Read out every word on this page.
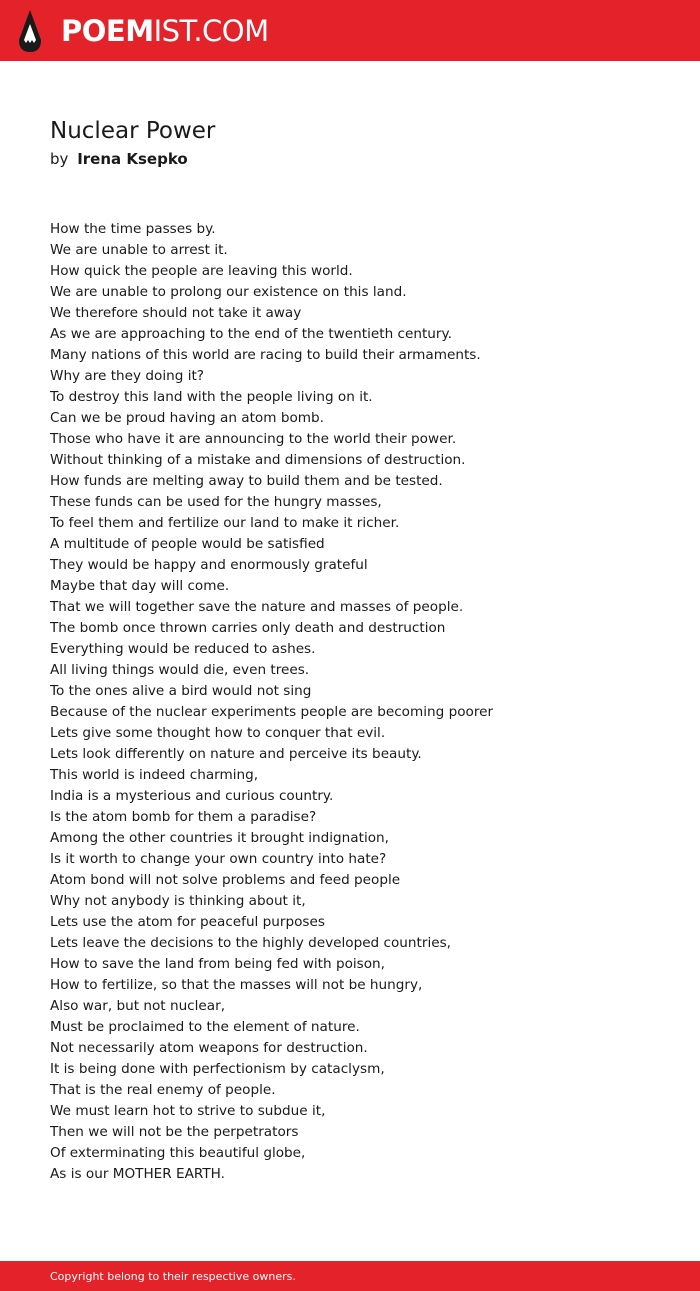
POEMIST.COM
Nuclear Power
by Irena Ksepko
How the time passes by.
We are unable to arrest it.
How quick the people are leaving this world.
We are unable to prolong our existence on this land.
We therefore should not take it away
As we are approaching to the end of the twentieth century.
Many nations of this world are racing to build their armaments.
Why are they doing it?
To destroy this land with the people living on it.
Can we be proud having an atom bomb.
Those who have it are announcing to the world their power.
Without thinking of a mistake and dimensions of destruction.
How funds are melting away to build them and be tested.
These funds can be used for the hungry masses,
To feel them and fertilize our land to make it richer.
A multitude of people would be satisfied
They would be happy and enormously grateful
Maybe that day will come.
That we will together save the nature and masses of people.
The bomb once thrown carries only death and destruction
Everything would be reduced to ashes.
All living things would die, even trees.
To the ones alive a bird would not sing
Because of the nuclear experiments people are becoming poorer
Lets give some thought how to conquer that evil.
Lets look differently on nature and perceive its beauty.
This world is indeed charming,
India is a mysterious and curious country.
Is the atom bomb for them a paradise?
Among the other countries it brought indignation,
Is it worth to change your own country into hate?
Atom bond will not solve problems and feed people
Why not anybody is thinking about it,
Lets use the atom for peaceful purposes
Lets leave the decisions to the highly developed countries,
How to save the land from being fed with poison,
How to fertilize, so that the masses will not be hungry,
Also war, but not nuclear,
Must be proclaimed to the element of nature.
Not necessarily atom weapons for destruction.
It is being done with perfectionism by cataclysm,
That is the real enemy of people.
We must learn hot to strive to subdue it,
Then we will not be the perpetrators
Of exterminating this beautiful globe,
As is our MOTHER EARTH.
Copyright belong to their respective owners.
